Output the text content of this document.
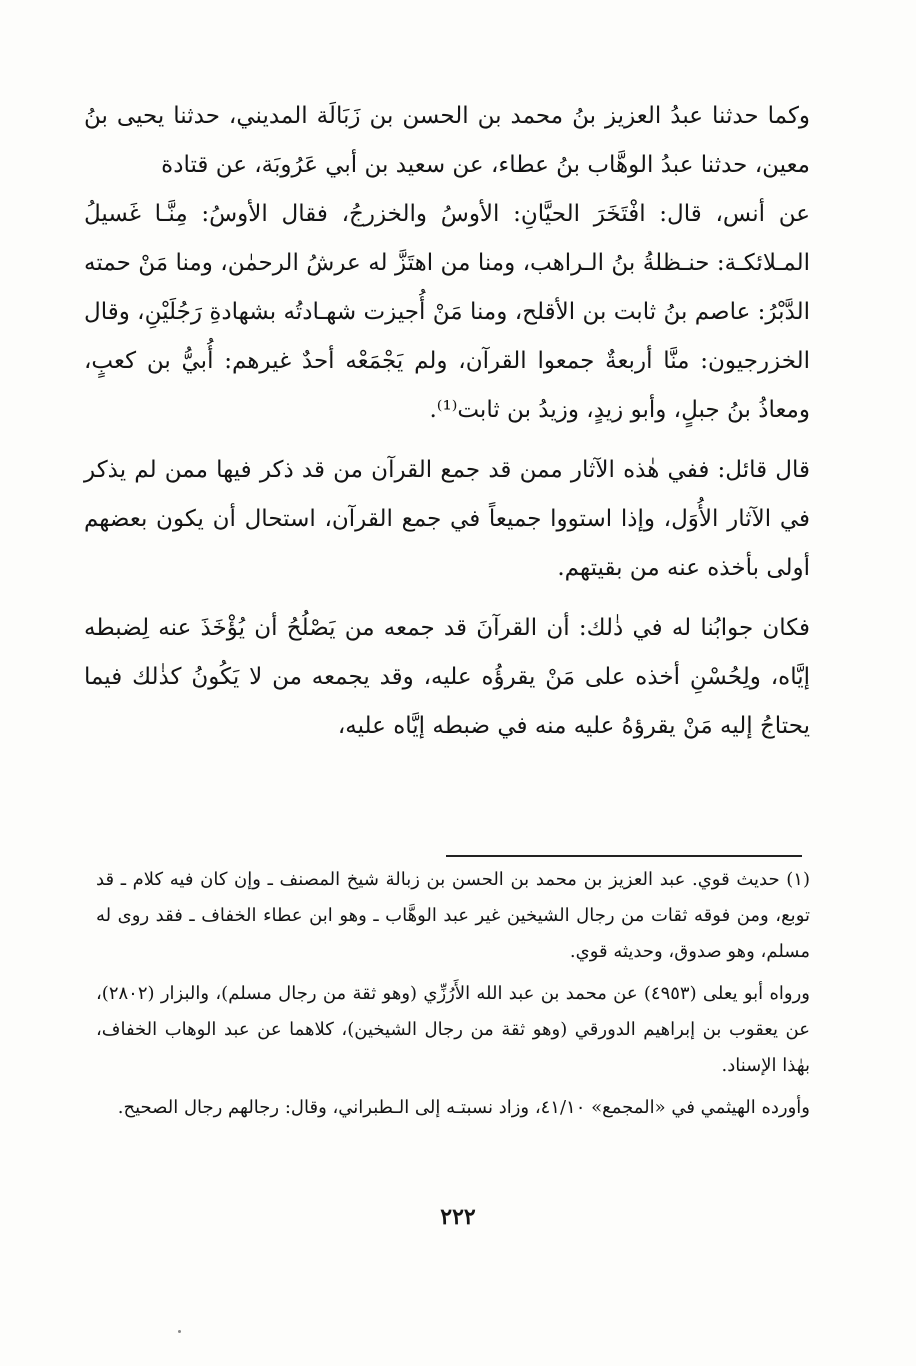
وكما حدثنا عبدُ العزيز بنُ محمد بن الحسن بن زَبَالَة المديني، حدثنا يحيى بنُ معين، حدثنا عبدُ الوهَّاب بنُ عطاء، عن سعيد بن أبي عَرُوبَة، عن قتادة

عن أنس، قال: افْتَخَرَ الحيَّانِ: الأوسُ والخزرجُ، فقال الأوسُ: مِنَّـا غَسيلُ المـلائكـة: حنـظلةُ بنُ الـراهب، ومنا من اهتَزَّ له عرشُ الرحمٰن، ومنا مَنْ حمته الدَّبْرُ: عاصم بنُ ثابت بن الأقلح، ومنا مَنْ أُجيزت شهـادتُه بشهادةِ رَجُلَيْنِ، وقال الخزرجيون: منَّا أربعةٌ جمعوا القرآن، ولم يَجْمَعْه أحدٌ غيرهم: أُبيُّ بن كعبٍ، ومعاذُ بنُ جبلٍ، وأبو زيدٍ، وزيدُ بن ثابت⁽¹⁾.

قال قائل: ففي هٰذه الآثار ممن قد جمع القرآن من قد ذكر فيها ممن لم يذكر في الآثار الأُوَل، وإذا استووا جميعاً في جمع القرآن، استحال أن يكون بعضهم أولى بأخذه عنه من بقيتهم.

فكان جوابُنا له في ذٰلك: أن القرآنَ قد جمعه من يَصْلُحُ أن يُؤْخَذَ عنه لِضبطه إيَّاه، ولِحُسْنِ أخذه على مَنْ يقرؤُه عليه، وقد يجمعه من لا يَكُونُ كذٰلك فيما يحتاجُ إليه مَنْ يقرؤهُ عليه منه في ضبطه إيَّاه عليه،

(١) حديث قوي. عبد العزيز بن محمد بن الحسن بن زبالة شيخ المصنف ـ وإن كان فيه كلام ـ قد توبع، ومن فوقه ثقات من رجال الشيخين غير عبد الوهَّاب ـ وهو ابن عطاء الخفاف ـ فقد روى له مسلم، وهو صدوق، وحديثه قوي.

ورواه أبو يعلى (٤٩٥٣) عن محمد بن عبد الله الأَرُزِّي (وهو ثقة من رجال مسلم)، والبزار (٢٨٠٢)، عن يعقوب بن إبراهيم الدورقي (وهو ثقة من رجال الشيخين)، كلاهما عن عبد الوهاب الخفاف، بهٰذا الإسناد.

وأورده الهيثمي في «المجمع» ٤١/١٠، وزاد نسبتـه إلى الـطبراني، وقال: رجالهم رجال الصحيح.

٢٢٢
